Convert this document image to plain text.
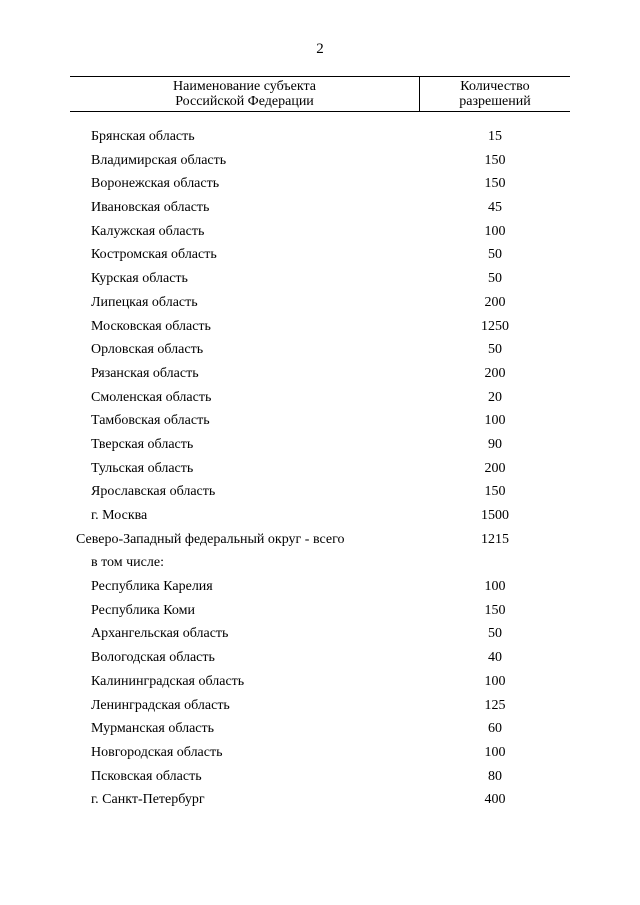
2
Наименование субъекта
Российской Федерации
Количество
разрешений
Брянская область	15
Владимирская область	150
Воронежская область	150
Ивановская область	45
Калужская область	100
Костромская область	50
Курская область	50
Липецкая область	200
Московская область	1250
Орловская область	50
Рязанская область	200
Смоленская область	20
Тамбовская область	100
Тверская область	90
Тульская область	200
Ярославская область	150
г. Москва	1500
Северо-Западный федеральный округ - всего	1215
в том числе:
Республика Карелия	100
Республика Коми	150
Архангельская область	50
Вологодская область	40
Калининградская область	100
Ленинградская область	125
Мурманская область	60
Новгородская область	100
Псковская область	80
г. Санкт-Петербург	400
